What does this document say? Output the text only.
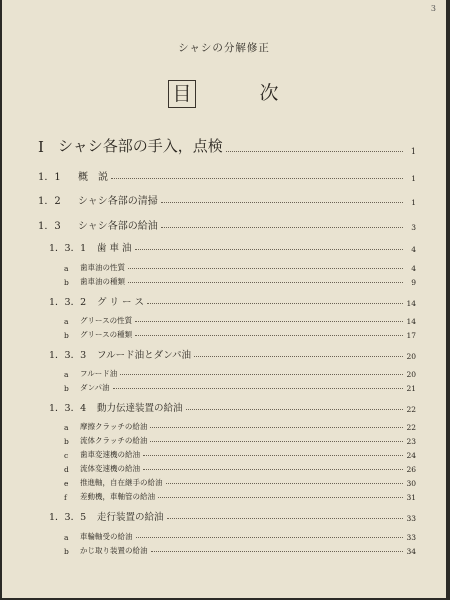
3
シャシの分解修正
目	次
Ⅰ シャシ各部の手入，点検	1
1．1	概　説	1
1．2	シャシ各部の清掃	1
1．3	シャシ各部の給油	3
1．3．1	歯 車 油	4
a	歯車油の性質	4
b	歯車油の種類	9
1．3．2	グ リ ー ス	14
a	グリースの性質	14
b	グリースの種類	17
1．3．3	フルード油とダンパ油	20
a	フルード油	20
b	ダンパ油	21
1．3．4	動力伝達装置の給油	22
a	摩擦クラッチの給油	22
b	流体クラッチの給油	23
c	歯車変速機の給油	24
d	流体変速機の給油	26
e	推進軸，自在継手の給油	30
f	差動機，車軸管の給油	31
1．3．5	走行装置の給油	33
a	車輪軸受の給油	33
b	かじ取り装置の給油	34
